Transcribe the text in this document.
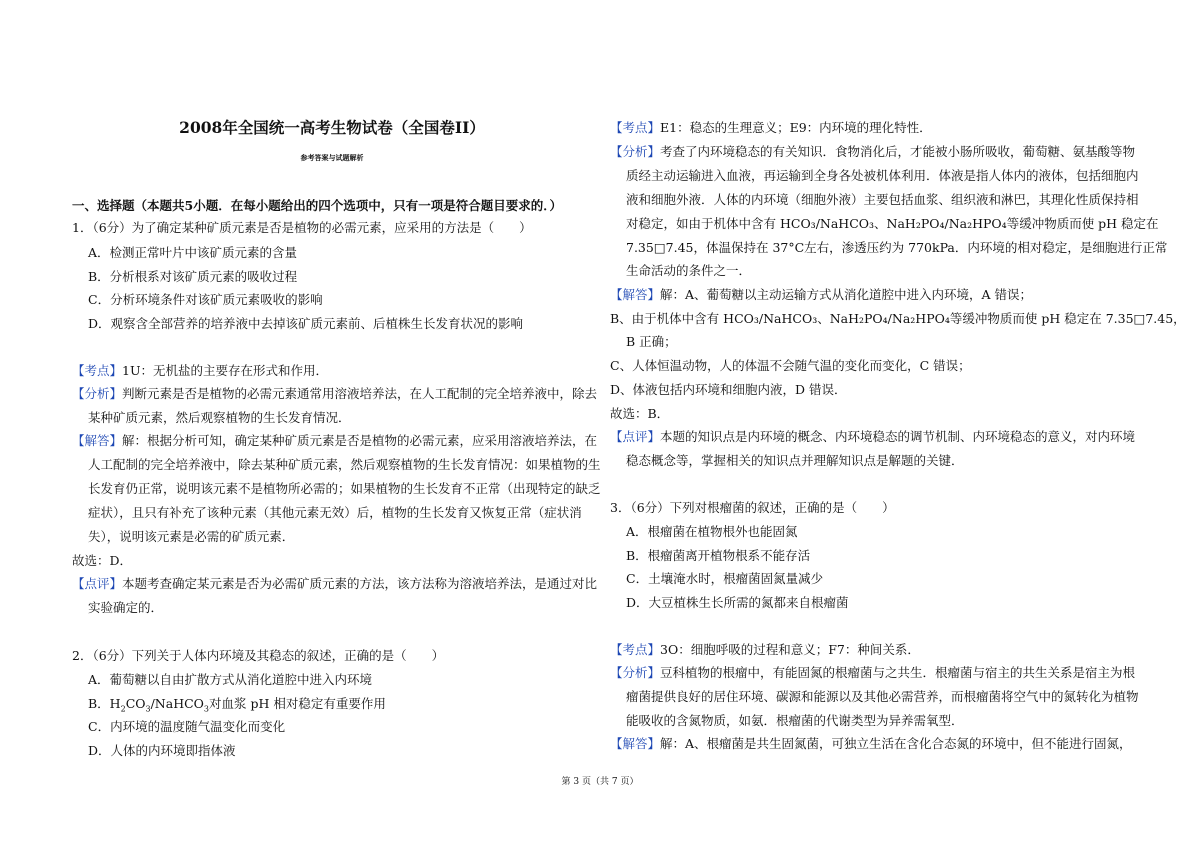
2008年全国统一高考生物试卷（全国卷II）
参考答案与试题解析
一、选择题（本题共5小题．在每小题给出的四个选项中，只有一项是符合题目要求的．）
1．（6分）为了确定某种矿质元素是否是植物的必需元素，应采用的方法是（　　）
A．检测正常叶片中该矿质元素的含量
B．分析根系对该矿质元素的吸收过程
C．分析环境条件对该矿质元素吸收的影响
D．观察含全部营养的培养液中去掉该矿质元素前、后植株生长发育状况的影响
【考点】1U：无机盐的主要存在形式和作用．
【分析】判断元素是否是植物的必需元素通常用溶液培养法，在人工配制的完全培养液中，除去
某种矿质元素，然后观察植物的生长发育情况．
【解答】解：根据分析可知，确定某种矿质元素是否是植物的必需元素，应采用溶液培养法，在
人工配制的完全培养液中，除去某种矿质元素，然后观察植物的生长发育情况：如果植物的生
长发育仍正常，说明该元素不是植物所必需的；如果植物的生长发育不正常（出现特定的缺乏
症状），且只有补充了该种元素（其他元素无效）后，植物的生长发育又恢复正常（症状消
失），说明该元素是必需的矿质元素．
故选：D．
【点评】本题考查确定某元素是否为必需矿质元素的方法，该方法称为溶液培养法，是通过对比
实验确定的．
2．（6分）下列关于人体内环境及其稳态的叙述，正确的是（　　）
A．葡萄糖以自由扩散方式从消化道腔中进入内环境
B．$H_2CO_3/NaHCO_3$对血浆 pH 相对稳定有重要作用
C．内环境的温度随气温变化而变化
D．人体的内环境即指体液
【考点】E1：稳态的生理意义；E9：内环境的理化特性．
【分析】考查了内环境稳态的有关知识．食物消化后，才能被小肠所吸收，葡萄糖、氨基酸等物
质经主动运输进入血液，再运输到全身各处被机体利用．体液是指人体内的液体，包括细胞内
液和细胞外液．人体的内环境（细胞外液）主要包括血浆、组织液和淋巴，其理化性质保持相
对稳定，如由于机体中含有 HCO₃/NaHCO₃、NaH₂PO₄/Na₂HPO₄等缓冲物质而使 pH 稳定在
7.35□7.45，体温保持在 37°C左右，渗透压约为 770kPa．内环境的相对稳定，是细胞进行正常
生命活动的条件之一．
【解答】解：A、葡萄糖以主动运输方式从消化道腔中进入内环境，A 错误；
B、由于机体中含有 HCO₃/NaHCO₃、NaH₂PO₄/Na₂HPO₄等缓冲物质而使 pH 稳定在 7.35□7.45，
B 正确；
C、人体恒温动物，人的体温不会随气温的变化而变化，C 错误；
D、体液包括内环境和细胞内液，D 错误．
故选：B．
【点评】本题的知识点是内环境的概念、内环境稳态的调节机制、内环境稳态的意义，对内环境
稳态概念等，掌握相关的知识点并理解知识点是解题的关键．
3．（6分）下列对根瘤菌的叙述，正确的是（　　）
A．根瘤菌在植物根外也能固氮
B．根瘤菌离开植物根系不能存活
C．土壤淹水时，根瘤菌固氮量减少
D．大豆植株生长所需的氮都来自根瘤菌
【考点】3O：细胞呼吸的过程和意义；F7：种间关系．
【分析】豆科植物的根瘤中，有能固氮的根瘤菌与之共生．根瘤菌与宿主的共生关系是宿主为根
瘤菌提供良好的居住环境、碳源和能源以及其他必需营养，而根瘤菌将空气中的氮转化为植物
能吸收的含氮物质，如氨．根瘤菌的代谢类型为异养需氧型．
【解答】解：A、根瘤菌是共生固氮菌，可独立生活在含化合态氮的环境中，但不能进行固氮，
第 3 页（共 7 页）
